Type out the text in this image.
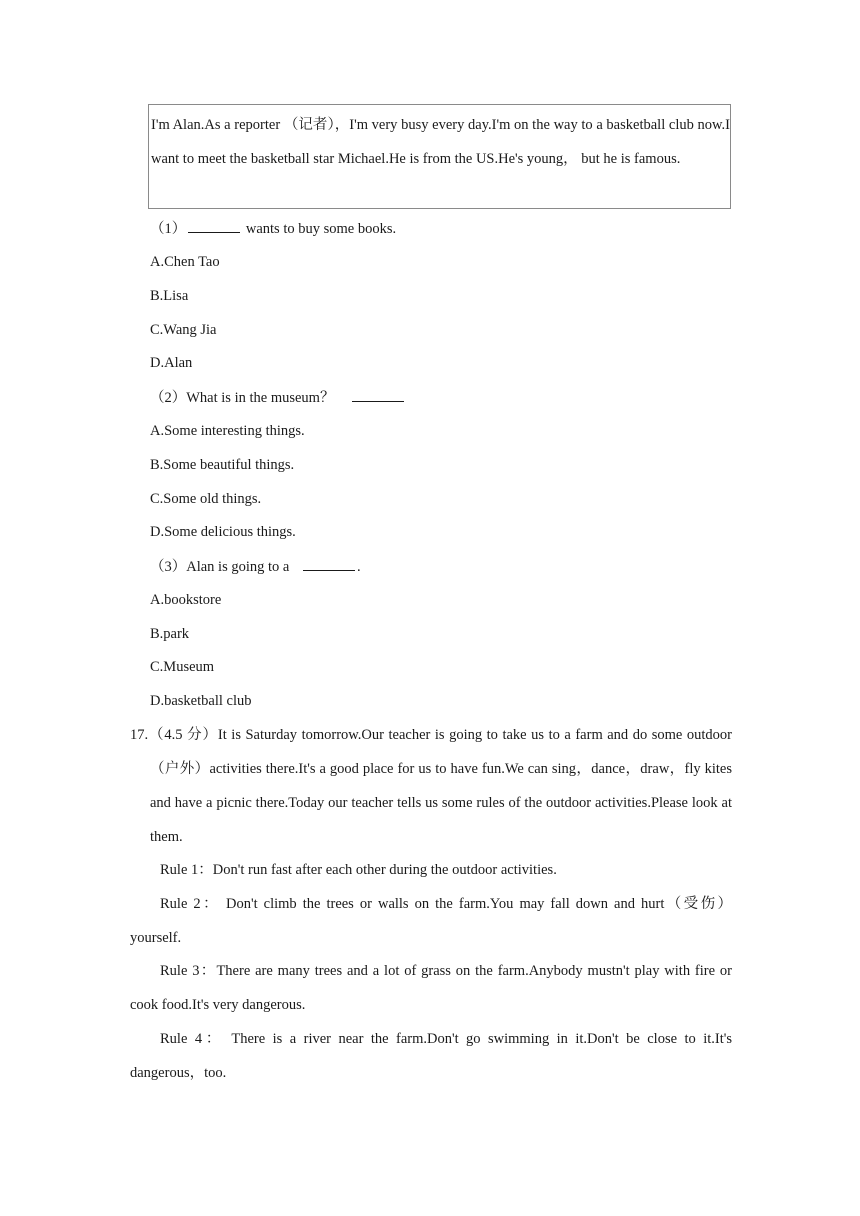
I'm Alan.As a reporter （记者），I'm very busy every day.I'm on the way to a basketball club now.I want to meet the basketball star Michael.He is from the US.He's young， but he is famous.

（1）	wants to buy some books.
A.Chen Tao
B.Lisa
C.Wang Jia
D.Alan
（2）What is in the museum？
A.Some interesting things.
B.Some beautiful things.
C.Some old things.
D.Some delicious things.
（3）Alan is going to a	.
A.bookstore
B.park
C.Museum
D.basketball club
17.（4.5 分）It is Saturday tomorrow.Our teacher is going to take us to a farm and do some outdoor （户外）activities there.It's a good place for us to have fun.We can sing，dance，draw，fly kites and have a picnic there.Today our teacher tells us some rules of the outdoor activities.Please look at them.
Rule 1：Don't run fast after each other during the outdoor activities.
Rule 2： Don't climb the trees or walls on the farm.You may fall down and hurt（受伤）yourself.
Rule 3：There are many trees and a lot of grass on the farm.Anybody mustn't play with fire or cook food.It's very dangerous.
Rule 4： There is a river near the farm.Don't go swimming in it.Don't be close to it.It's dangerous，too.
